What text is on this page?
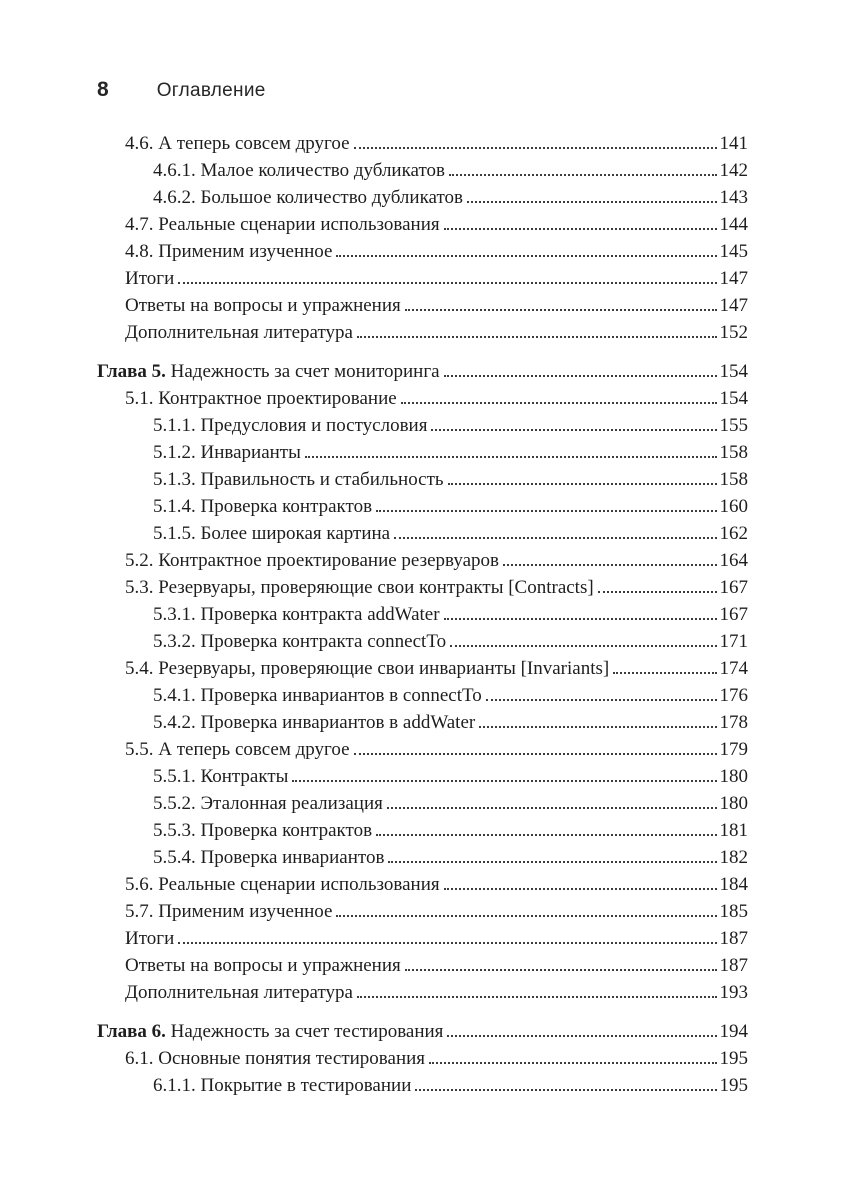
8	Оглавление
4.6. А теперь совсем другое	141
4.6.1. Малое количество дубликатов	142
4.6.2. Большое количество дубликатов	143
4.7. Реальные сценарии использования	144
4.8. Применим изученное	145
Итоги	147
Ответы на вопросы и упражнения	147
Дополнительная литература	152
Глава 5. Надежность за счет мониторинга	154
5.1. Контрактное проектирование	154
5.1.1. Предусловия и постусловия	155
5.1.2. Инварианты	158
5.1.3. Правильность и стабильность	158
5.1.4. Проверка контрактов	160
5.1.5. Более широкая картина	162
5.2. Контрактное проектирование резервуаров	164
5.3. Резервуары, проверяющие свои контракты [Contracts]	167
5.3.1. Проверка контракта addWater	167
5.3.2. Проверка контракта connectTo	171
5.4. Резервуары, проверяющие свои инварианты [Invariants]	174
5.4.1. Проверка инвариантов в connectTo	176
5.4.2. Проверка инвариантов в addWater	178
5.5. А теперь совсем другое	179
5.5.1. Контракты	180
5.5.2. Эталонная реализация	180
5.5.3. Проверка контрактов	181
5.5.4. Проверка инвариантов	182
5.6. Реальные сценарии использования	184
5.7. Применим изученное	185
Итоги	187
Ответы на вопросы и упражнения	187
Дополнительная литература	193
Глава 6. Надежность за счет тестирования	194
6.1. Основные понятия тестирования	195
6.1.1. Покрытие в тестировании	195
